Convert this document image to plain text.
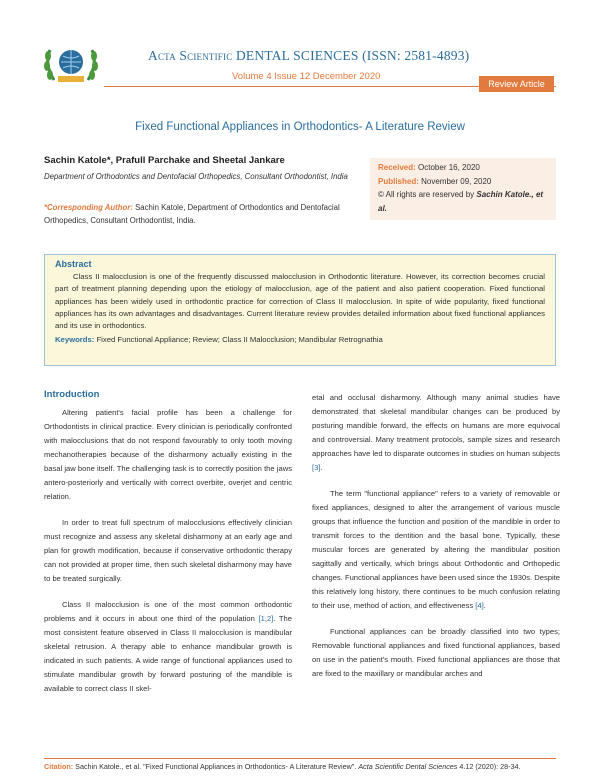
Acta Scientific DENTAL SCIENCES (ISSN: 2581-4893)
Volume 4 Issue 12 December 2020
Review Article
Fixed Functional Appliances in Orthodontics- A Literature Review
Sachin Katole*, Prafull Parchake and Sheetal Jankare
Department of Orthodontics and Dentofacial Orthopedics, Consultant Orthodontist, India
*Corresponding Author: Sachin Katole, Department of Orthodontics and Dentofacial Orthopedics, Consultant Orthodontist, India.
Received: October 16, 2020
Published: November 09, 2020
© All rights are reserved by Sachin Katole., et al.
Abstract
Class II malocclusion is one of the frequently discussed malocclusion in Orthodontic literature. However, its correction becomes crucial part of treatment planning depending upon the etiology of malocclusion, age of the patient and also patient cooperation. Fixed functional appliances has been widely used in orthodontic practice for correction of Class II malocclusion. In spite of wide popularity, fixed functional appliances has its own advantages and disadvantages. Current literature review provides detailed information about fixed functional appliances and its use in orthodontics.
Keywords: Fixed Functional Appliance; Review; Class II Malocclusion; Mandibular Retrognathia
Introduction

Altering patient's facial profile has been a challenge for Orthodontists in clinical practice. Every clinician is periodically confronted with malocclusions that do not respond favourably to only tooth moving mechanotherapies because of the disharmony actually existing in the basal jaw bone itself. The challenging task is to correctly position the jaws antero-posteriorly and vertically with correct overbite, overjet and centric relation.

In order to treat full spectrum of malocclusions effectively clinician must recognize and assess any skeletal disharmony at an early age and plan for growth modification, because if conservative orthodontic therapy can not provided at proper time, then such skeletal disharmony may have to be treated surgically.

Class II malocclusion is one of the most common orthodontic problems and it occurs in about one third of the population [1,2]. The most consistent feature observed in Class II malocclusion is mandibular skeletal retrusion. A therapy able to enhance mandibular growth is indicated in such patients. A wide range of functional appliances used to stimulate mandibular growth by forward posturing of the mandible is available to correct class II skel-

etal and occlusal disharmony. Although many animal studies have demonstrated that skeletal mandibular changes can be produced by posturing mandible forward, the effects on humans are more equivocal and controversial. Many treatment protocols, sample sizes and research approaches have led to disparate outcomes in studies on human subjects [3].

The term "functional appliance" refers to a variety of removable or fixed appliances, designed to alter the arrangement of various muscle groups that influence the function and position of the mandible in order to transmit forces to the dentition and the basal bone. Typically, these muscular forces are generated by altering the mandibular position sagittally and vertically, which brings about Orthodontic and Orthopedic changes. Functional appliances have been used since the 1930s. Despite this relatively long history, there continues to be much confusion relating to their use, method of action, and effectiveness [4].

Functional appliances can be broadly classified into two types; Removable functional appliances and fixed functional appliances, based on use in the patient's mouth. Fixed functional appliances are those that are fixed to the maxillary or mandibular arches and

Citation: Sachin Katole., et al. "Fixed Functional Appliances in Orthodontics- A Literature Review". Acta Scientific Dental Sciences 4.12 (2020): 28-34.
